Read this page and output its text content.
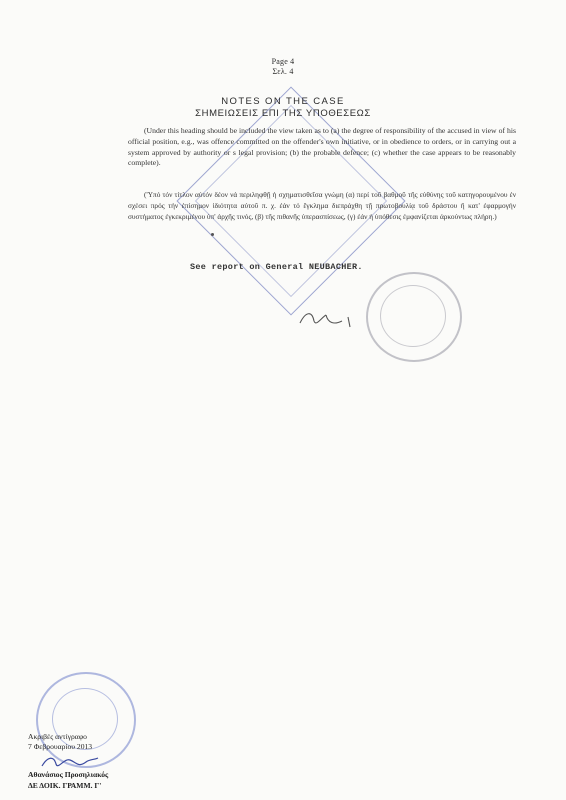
Page 4
Σελ. 4
NOTES ON THE CASE
ΣΗΜΕΙΩΣΕΙΣ ΕΠΙ ΤΗΣ ΥΠΟΘΕΣΕΩΣ
(Under this heading should be included the view taken as to (a) the degree of responsibility of the accused in view of his official position, e.g., was offence committed on the offender's own initiative, or in obedience to orders, or in carrying out a system approved by authority or s legal provision; (b) the probable defence; (c) whether the case appears to be reasonably complete).
('Υπό τόν τίτλον αὐτόν δέον νά περιληφθῇ ἡ σχηματισθεῖσα γνώμη (α) περί τοῦ βαθμοῦ τῆς εὐθύνης τοῦ κατηγορουμένου ἐν σχέσει πρός τήν ἐπίσημον ἰδιότητα αὐτοῦ π. χ. ἐάν τό ἔγκλημα διεπράχθη τῇ πρωτοβουλίᾳ τοῦ δράστου ἢ κατ' ἐφαρμογήν συστήματος ἐγκεκριμένου ὑπ' ἀρχῆς τινός, (β) τῆς πιθανῆς ὑπερασπίσεως, (γ) ἐάν ἡ ὑπόθεσις ἐμφανίζεται ἀρκούντως πλήρη.)
See report on General NEUBACHER.
Ακριβές αντίγραφο
7 Φεβρουαρίου 2013
Αθανάσιος Προσηλιακός
ΔΕ ΔΟΙΚ. ΓΡΑΜΜ. Γ'
